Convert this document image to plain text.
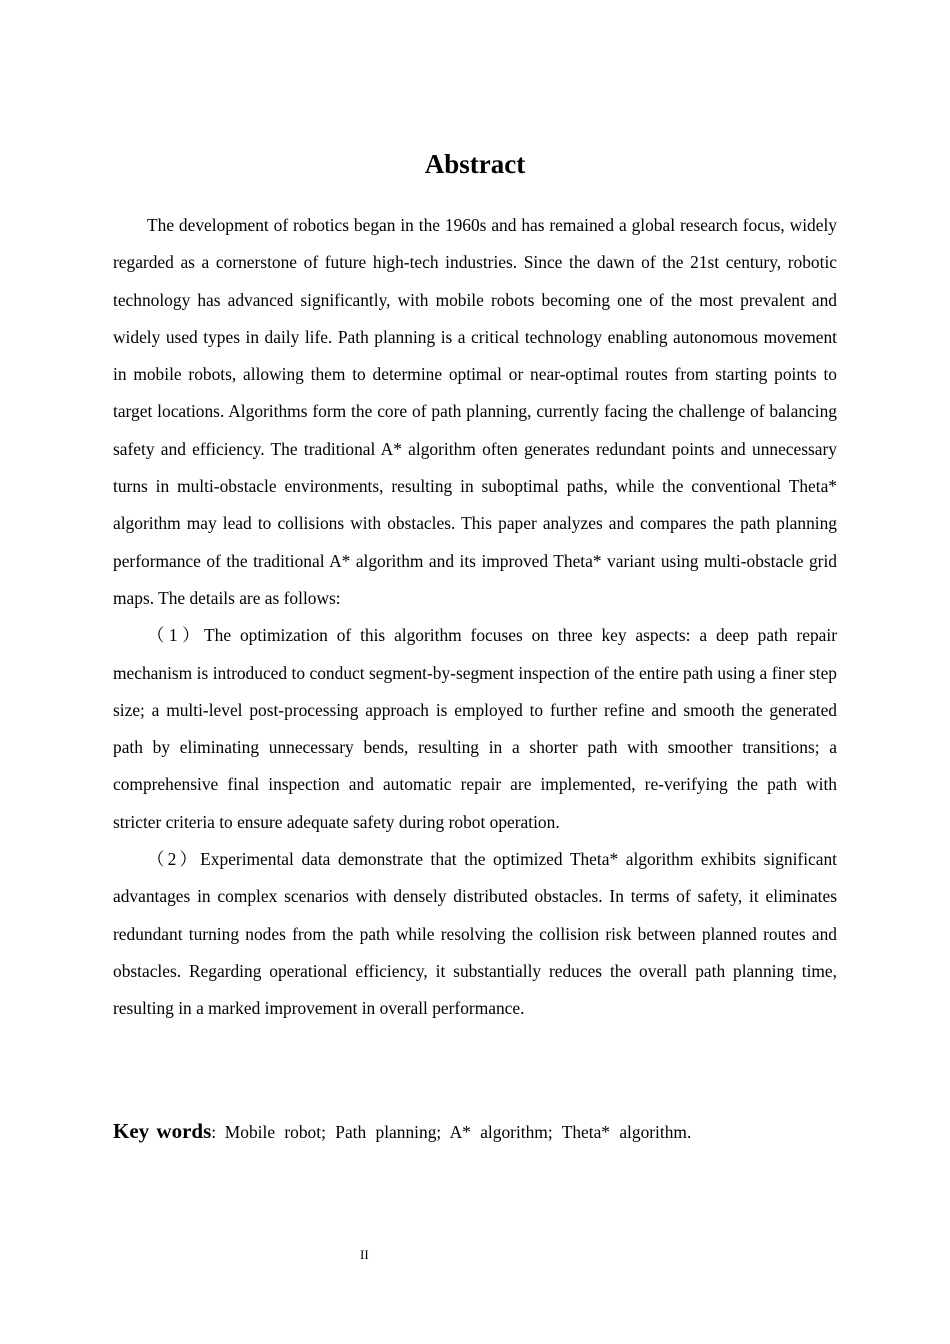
Abstract

The development of robotics began in the 1960s and has remained a global research focus, widely regarded as a cornerstone of future high-tech industries. Since the dawn of the 21st century, robotic technology has advanced significantly, with mobile robots becoming one of the most prevalent and widely used types in daily life. Path planning is a critical technology enabling autonomous movement in mobile robots, allowing them to determine optimal or near-optimal routes from starting points to target locations. Algorithms form the core of path planning, currently facing the challenge of balancing safety and efficiency. The traditional A* algorithm often generates redundant points and unnecessary turns in multi-obstacle environments, resulting in suboptimal paths, while the conventional Theta* algorithm may lead to collisions with obstacles. This paper analyzes and compares the path planning performance of the traditional A* algorithm and its improved Theta* variant using multi-obstacle grid maps. The details are as follows:

（1）The optimization of this algorithm focuses on three key aspects: a deep path repair mechanism is introduced to conduct segment-by-segment inspection of the entire path using a finer step size; a multi-level post-processing approach is employed to further refine and smooth the generated path by eliminating unnecessary bends, resulting in a shorter path with smoother transitions; a comprehensive final inspection and automatic repair are implemented, re-verifying the path with stricter criteria to ensure adequate safety during robot operation.

（2）Experimental data demonstrate that the optimized Theta* algorithm exhibits significant advantages in complex scenarios with densely distributed obstacles. In terms of safety, it eliminates redundant turning nodes from the path while resolving the collision risk between planned routes and obstacles. Regarding operational efficiency, it substantially reduces the overall path planning time, resulting in a marked improvement in overall performance.

Key words: Mobile robot; Path planning; A* algorithm; Theta* algorithm.
II
